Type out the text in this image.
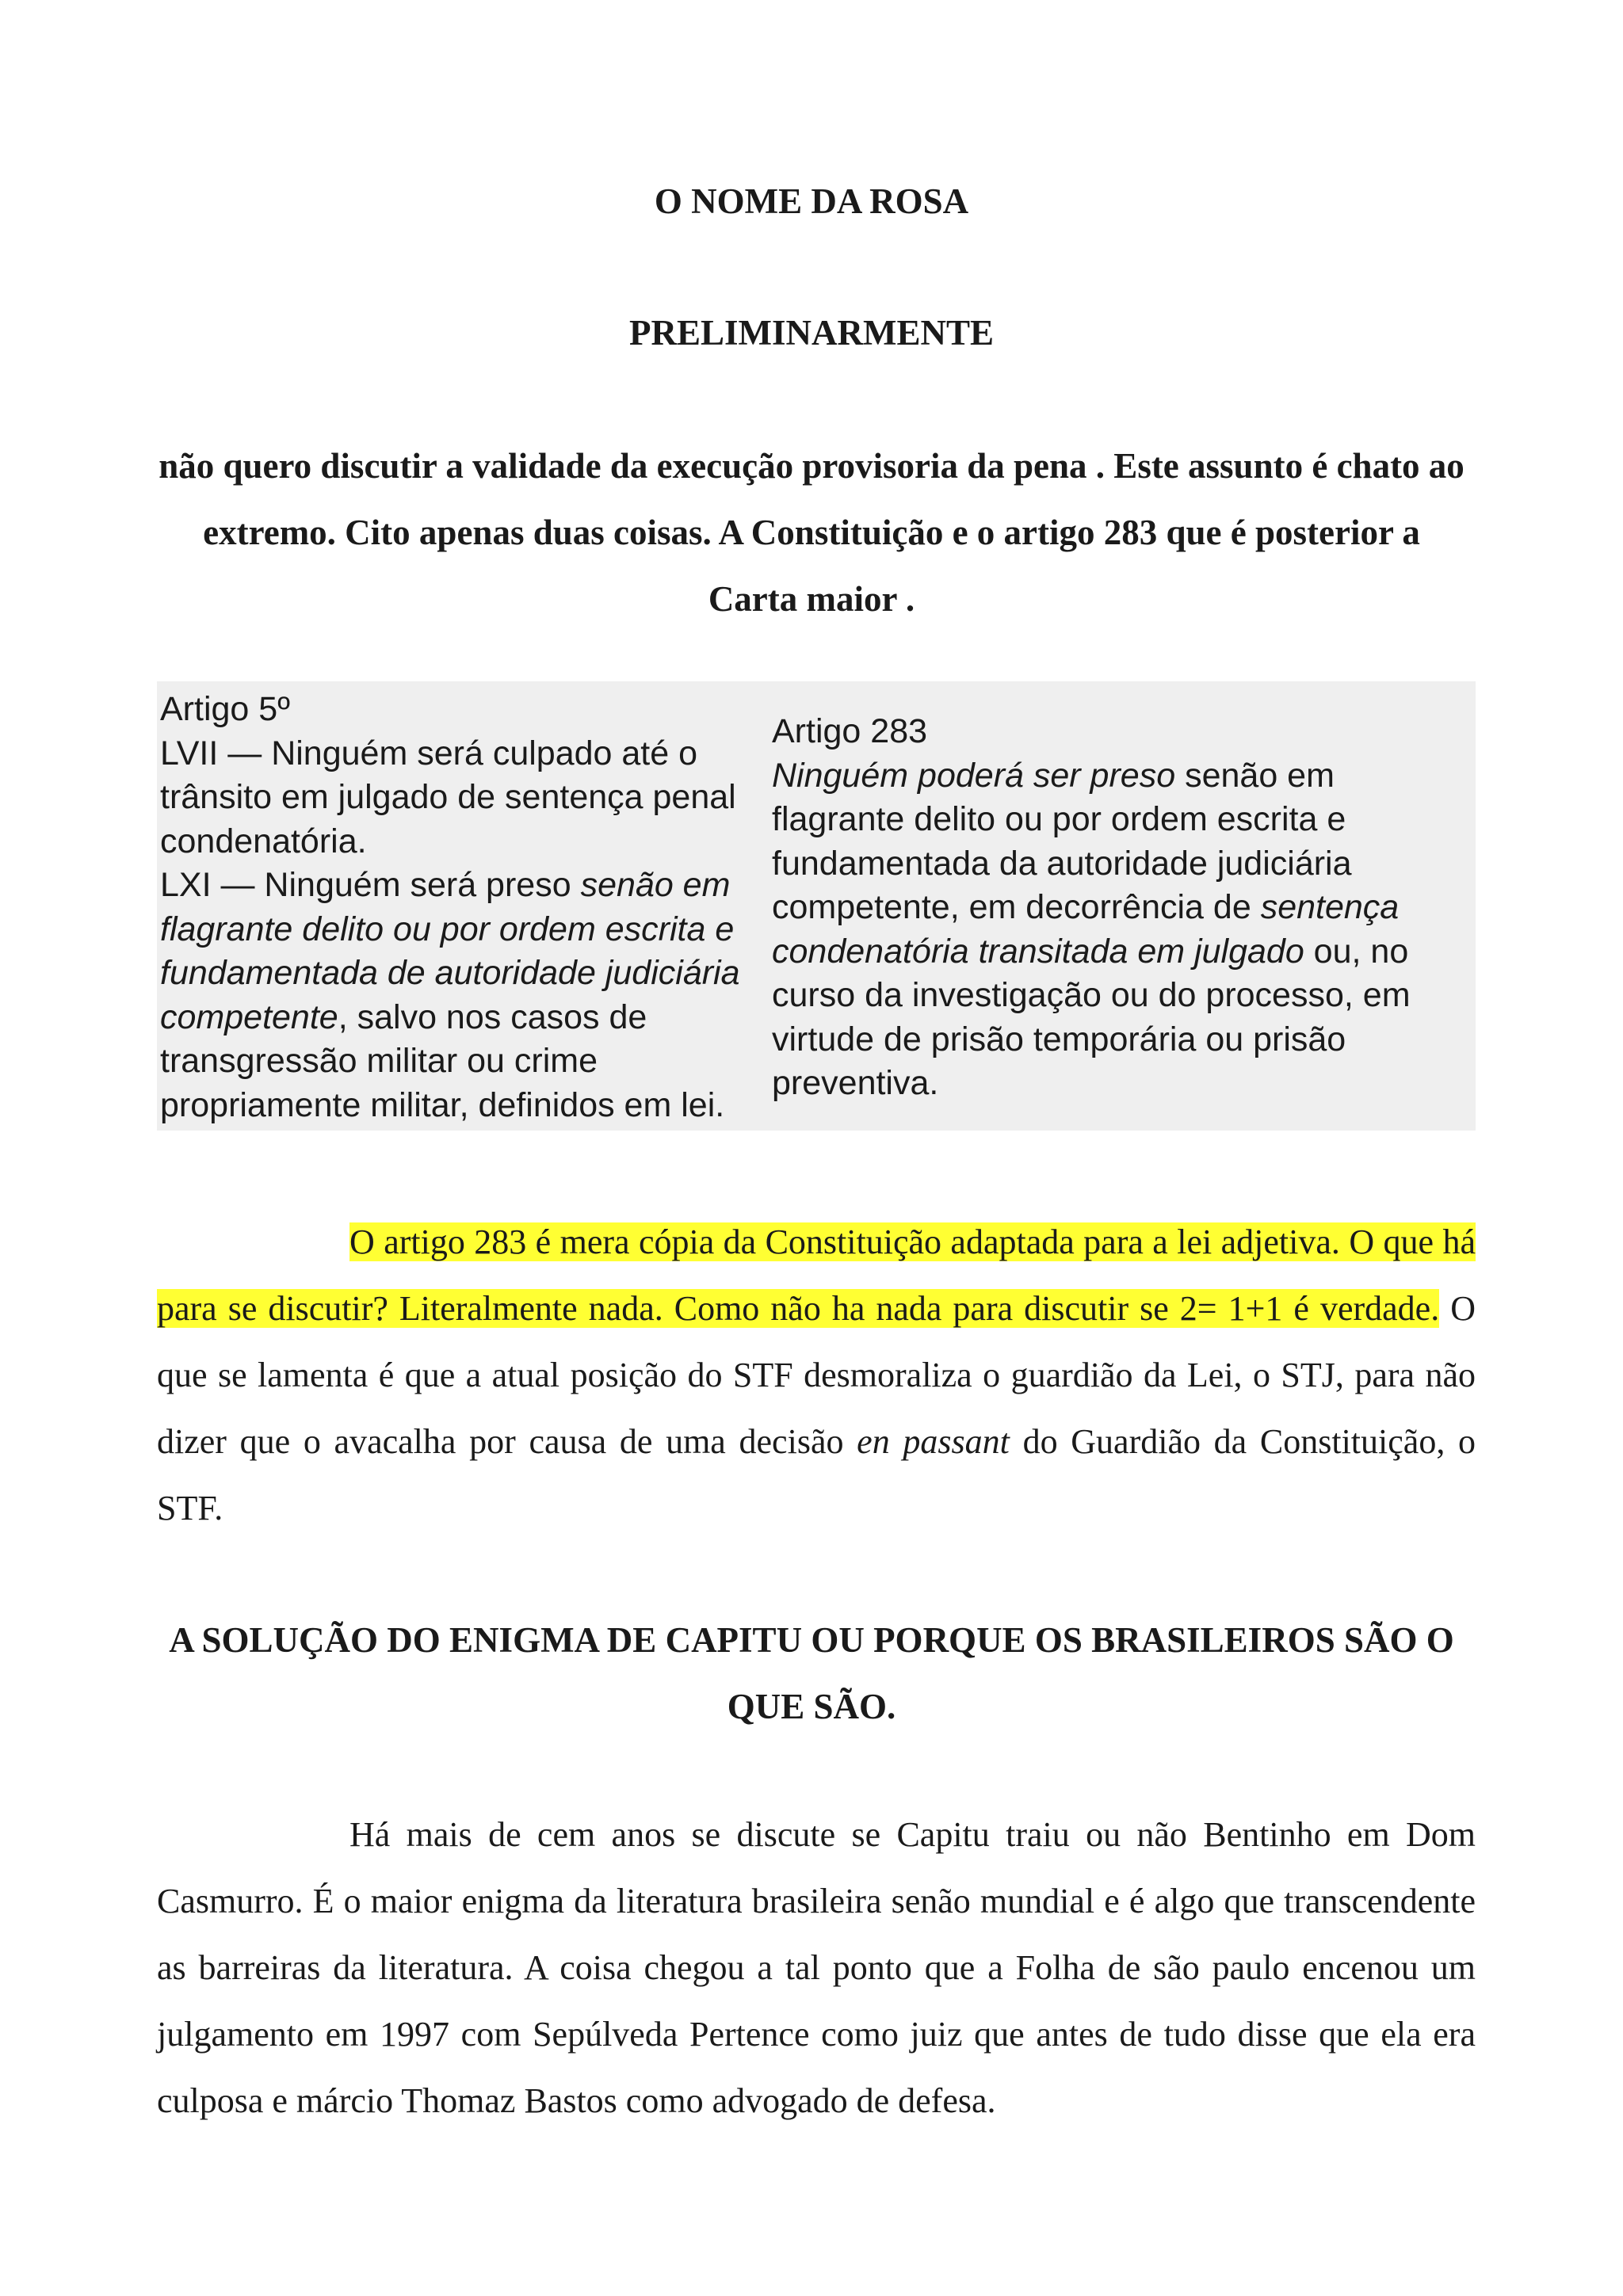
O NOME DA ROSA
PRELIMINARMENTE

não quero discutir a validade da execução provisoria da pena . Este assunto é chato ao extremo. Cito apenas duas coisas. A Constituição e o artigo 283 que é posterior a Carta maior .

Artigo 5º

LVII — Ninguém será culpado até o trânsito em julgado de sentença penal condenatória.

LXI — Ninguém será preso senão em flagrante delito ou por ordem escrita e fundamentada de autoridade judiciária competente, salvo nos casos de transgressão militar ou crime propriamente militar, definidos em lei.

Artigo 283

Ninguém poderá ser preso senão em flagrante delito ou por ordem escrita e fundamentada da autoridade judiciária competente, em decorrência de sentença condenatória transitada em julgado ou, no curso da investigação ou do processo, em virtude de prisão temporária ou prisão preventiva.

O artigo 283 é mera cópia da Constituição adaptada para a lei adjetiva. O que há para se discutir? Literalmente nada. Como não ha nada para discutir se 2= 1+1 é verdade. O que se lamenta é que a atual posição do STF desmoraliza o guardião da Lei, o STJ, para não dizer que o avacalha por causa de uma decisão en passant do Guardião da Constituição, o STF.

A SOLUÇÃO DO ENIGMA DE CAPITU OU PORQUE OS BRASILEIROS SÃO O QUE SÃO.

Há mais de cem anos se discute se Capitu traiu ou não Bentinho em Dom Casmurro. É o maior enigma da literatura brasileira senão mundial e é algo que transcendente as barreiras da literatura. A coisa chegou a tal ponto que a Folha de são paulo encenou um julgamento em 1997 com Sepúlveda Pertence como juiz que antes de tudo disse que ela era culposa e márcio Thomaz Bastos como advogado de defesa.
